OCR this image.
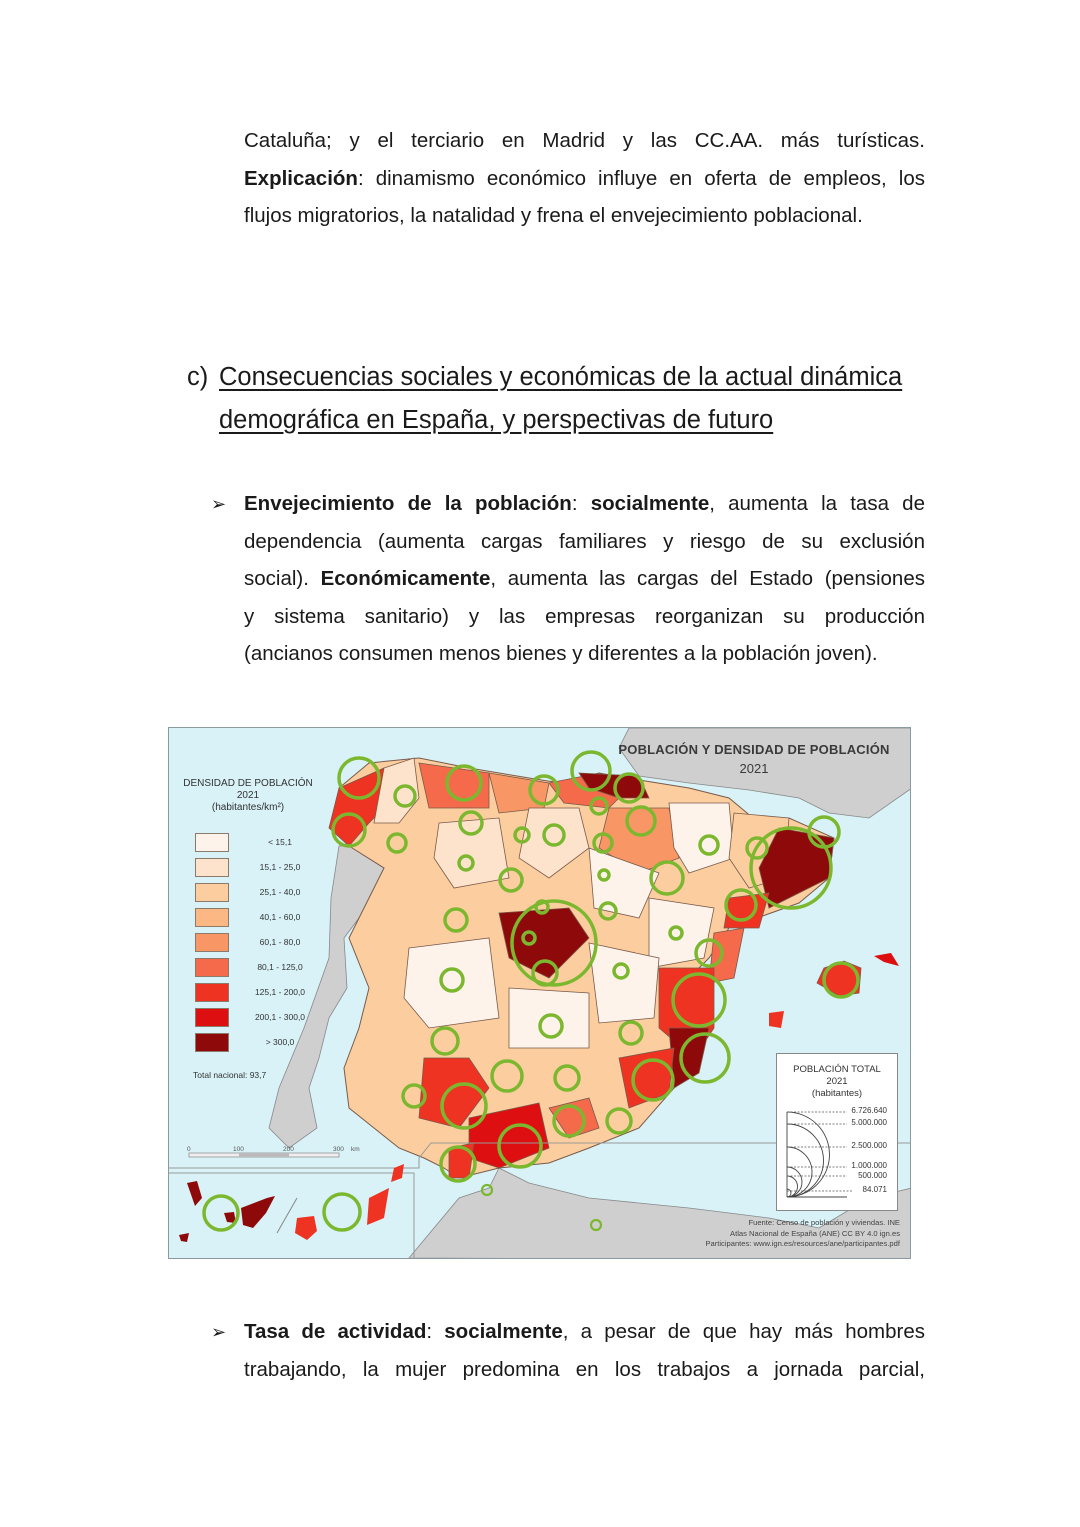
Cataluña; y el terciario en Madrid y las CC.AA. más turísticas.
Explicación: dinamismo económico influye en oferta de empleos, los
flujos migratorios, la natalidad y frena el envejecimiento poblacional.
c) Consecuencias sociales y económicas de la actual dinámica
demográfica en España, y perspectivas de futuro
➢ Envejecimiento de la población: socialmente, aumenta la tasa de
dependencia (aumenta cargas familiares y riesgo de su exclusión
social). Económicamente, aumenta las cargas del Estado (pensiones
y sistema sanitario) y las empresas reorganizan su producción
(ancianos consumen menos bienes y diferentes a la población joven).
DENSIDAD DE POBLACIÓN
2021
(habitantes/km²)
< 15,1
15,1 - 25,0
25,1 - 40,0
40,1 - 60,0
60,1 - 80,0
80,1 - 125,0
125,1 - 200,0
200,1 - 300,0
> 300,0
Total nacional: 93,7
0	100	200	300 km
POBLACIÓN Y DENSIDAD DE POBLACIÓN
2021
POBLACIÓN TOTAL
2021
(habitantes)
6.726.640
5.000.000
2.500.000
1.000.000
500.000
84.071
Fuente: Censo de población y viviendas. INE
Atlas Nacional de España (ANE) CC BY 4.0 ign.es
Participantes: www.ign.es/resources/ane/participantes.pdf
➢ Tasa de actividad: socialmente, a pesar de que hay más hombres
trabajando, la mujer predomina en los trabajos a jornada parcial,
